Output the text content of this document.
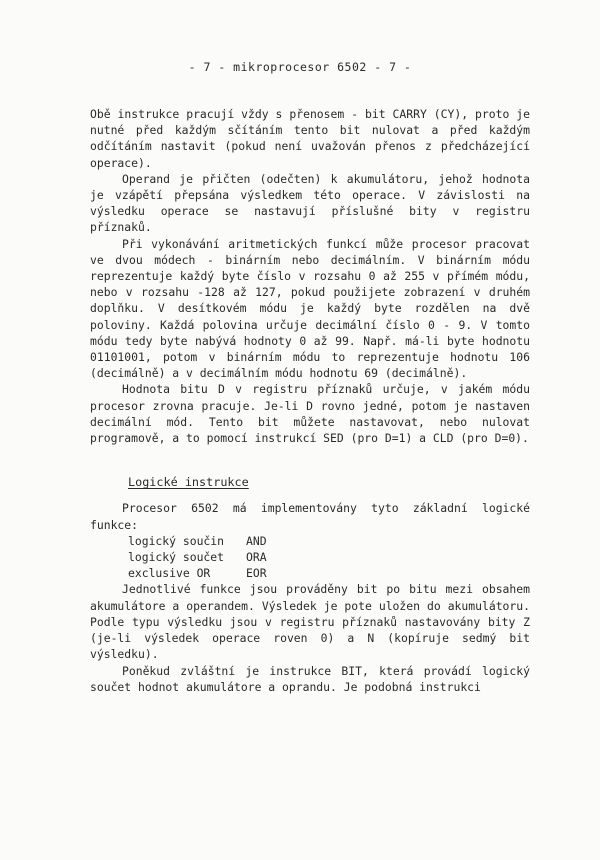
- 7 - mikroprocesor 6502 - 7 -

Obě instrukce pracují vždy s přenosem - bit CARRY (CY), proto je nutné před každým sčítáním tento bit nulovat a před každým odčítáním nastavit (pokud není uvažován přenos z předcházející operace).

Operand je přičten (odečten) k akumulátoru, jehož hodnota je vzápětí přepsána výsledkem této operace. V závislosti na výsledku operace se nastavují příslušné bity v registru příznaků.

Při vykonávání aritmetických funkcí může procesor pracovat ve dvou módech - binárním nebo decimálním. V binárním módu reprezentuje každý byte číslo v rozsahu 0 až 255 v přímém módu, nebo v rozsahu -128 až 127, pokud použijete zobrazení v druhém doplňku. V desítkovém módu je každý byte rozdělen na dvě poloviny. Každá polovina určuje decimální číslo 0 - 9. V tomto módu tedy byte nabývá hodnoty 0 až 99. Např. má-li byte hodnotu 01101001, potom v binárním módu to reprezentuje hodnotu 106 (decimálně) a v decimálním módu hodnotu 69 (decimálně).

Hodnota bitu D v registru příznaků určuje, v jakém módu procesor zrovna pracuje. Je-li D rovno jedné, potom je nastaven decimální mód. Tento bit můžete nastavovat, nebo nulovat programově, a to pomocí instrukcí SED (pro D=1) a CLD (pro D=0).

Logické instrukce

Procesor 6502 má implementovány tyto základní logické funkce:

logický součin	AND
logický součet	ORA
exclusive OR	EOR

Jednotlivé funkce jsou prováděny bit po bitu mezi obsahem akumulátore a operandem. Výsledek je pote uložen do akumulátoru. Podle typu výsledku jsou v registru příznaků nastavovány bity Z (je-li výsledek operace roven 0) a N (kopíruje sedmý bit výsledku).

Poněkud zvláštní je instrukce BIT, která provádí logický součet hodnot akumulátore a oprandu. Je podobná instrukci
